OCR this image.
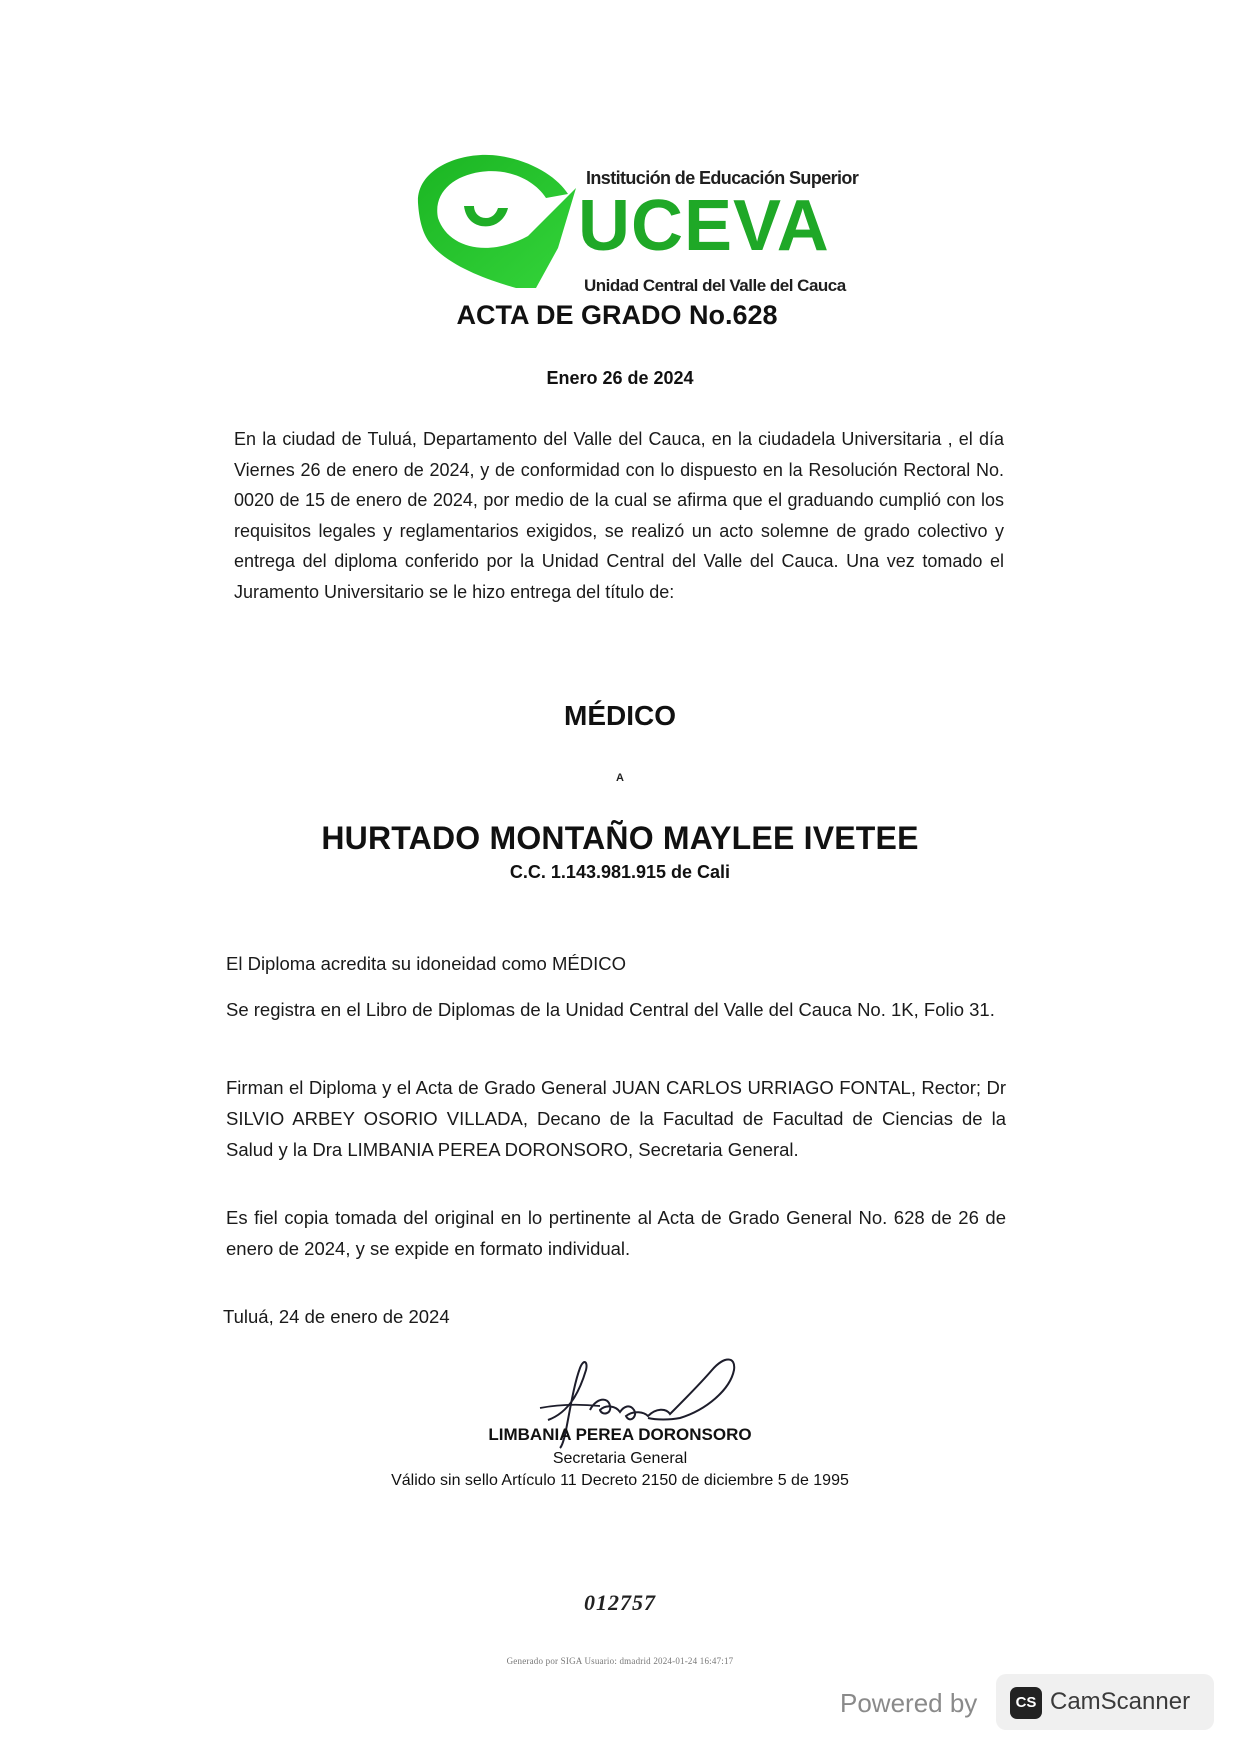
Institución de Educación Superior
UCEVA
Unidad Central del Valle del Cauca
ACTA DE GRADO No.628
Enero 26 de 2024
En la ciudad de Tuluá, Departamento del Valle del Cauca, en la ciudadela Universitaria , el día Viernes 26 de enero de 2024, y de conformidad con lo dispuesto en la Resolución Rectoral No. 0020 de 15 de enero de 2024, por medio de la cual se afirma que el graduando cumplió con los requisitos legales y reglamentarios exigidos, se realizó un acto solemne de grado colectivo y entrega del diploma conferido por la Unidad Central del Valle del Cauca. Una vez tomado el Juramento Universitario se le hizo entrega del título de:
MÉDICO
A
HURTADO MONTAÑO MAYLEE IVETEE
C.C. 1.143.981.915 de Cali
El Diploma acredita su idoneidad como MÉDICO
Se registra en el Libro de Diplomas de la Unidad Central del Valle del Cauca No. 1K, Folio 31.
Firman el Diploma y el Acta de Grado General JUAN CARLOS URRIAGO FONTAL, Rector; Dr SILVIO ARBEY OSORIO VILLADA, Decano de la Facultad de Facultad de Ciencias de la Salud y la Dra LIMBANIA PEREA DORONSORO, Secretaria General.
Es fiel copia tomada del original en lo pertinente al Acta de Grado General No. 628 de 26 de enero de 2024, y se expide en formato individual.
Tuluá, 24 de enero de 2024
LIMBANIA PEREA DORONSORO
Secretaria General
Válido sin sello Artículo 11 Decreto 2150 de diciembre 5 de 1995
012757
Generado por SIGA Usuario: dmadrid 2024-01-24 16:47:17
Powered by	CS CamScanner
